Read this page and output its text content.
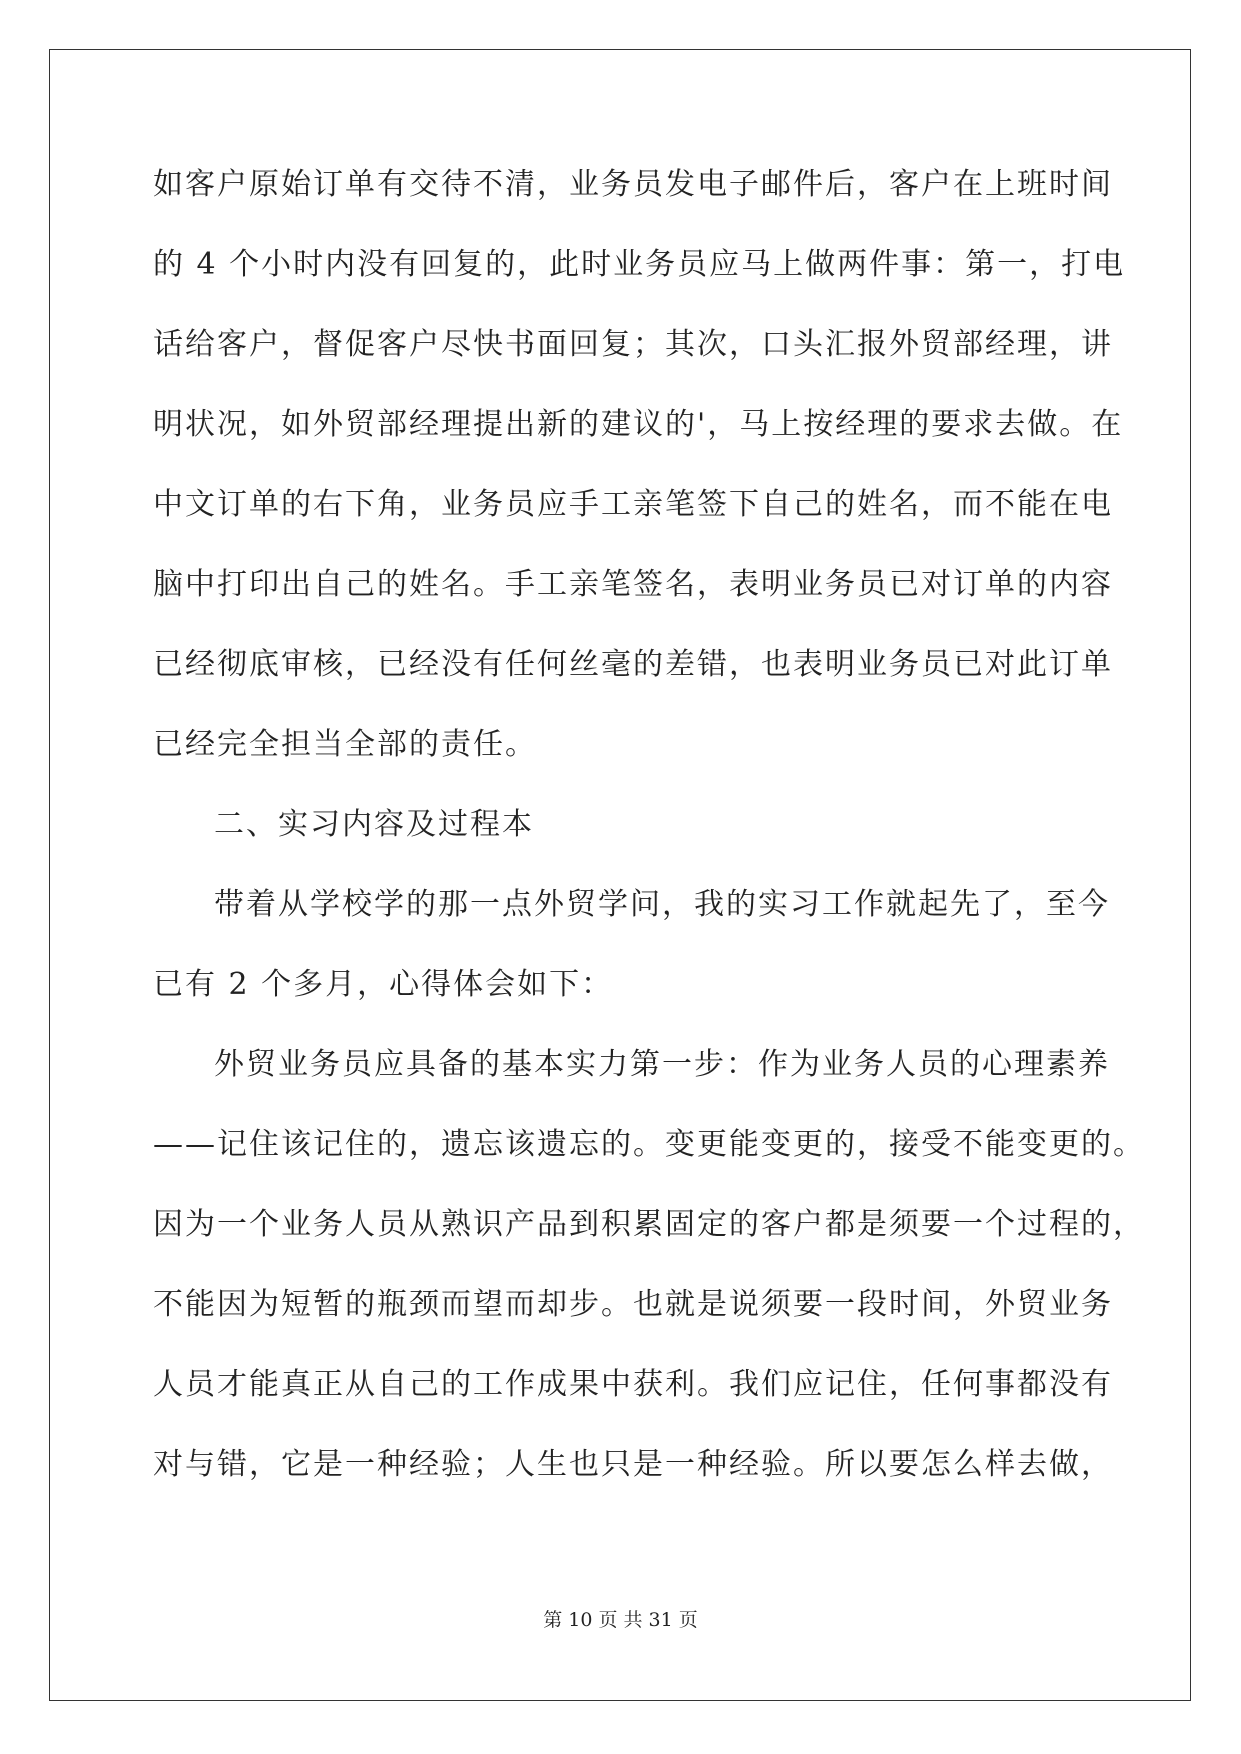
如客户原始订单有交待不清，业务员发电子邮件后，客户在上班时间
的 4 个小时内没有回复的，此时业务员应马上做两件事：第一，打电
话给客户，督促客户尽快书面回复；其次，口头汇报外贸部经理，讲
明状况，如外贸部经理提出新的建议的'，马上按经理的要求去做。在
中文订单的右下角，业务员应手工亲笔签下自己的姓名，而不能在电
脑中打印出自己的姓名。手工亲笔签名，表明业务员已对订单的内容
已经彻底审核，已经没有任何丝毫的差错，也表明业务员已对此订单
已经完全担当全部的责任。
二、实习内容及过程本
带着从学校学的那一点外贸学问，我的实习工作就起先了，至今
已有 2 个多月，心得体会如下：
外贸业务员应具备的基本实力第一步：作为业务人员的心理素养
——记住该记住的，遗忘该遗忘的。变更能变更的，接受不能变更的。
因为一个业务人员从熟识产品到积累固定的客户都是须要一个过程的，
不能因为短暂的瓶颈而望而却步。也就是说须要一段时间，外贸业务
人员才能真正从自己的工作成果中获利。我们应记住，任何事都没有
对与错，它是一种经验；人生也只是一种经验。所以要怎么样去做，
第 10 页 共 31 页
